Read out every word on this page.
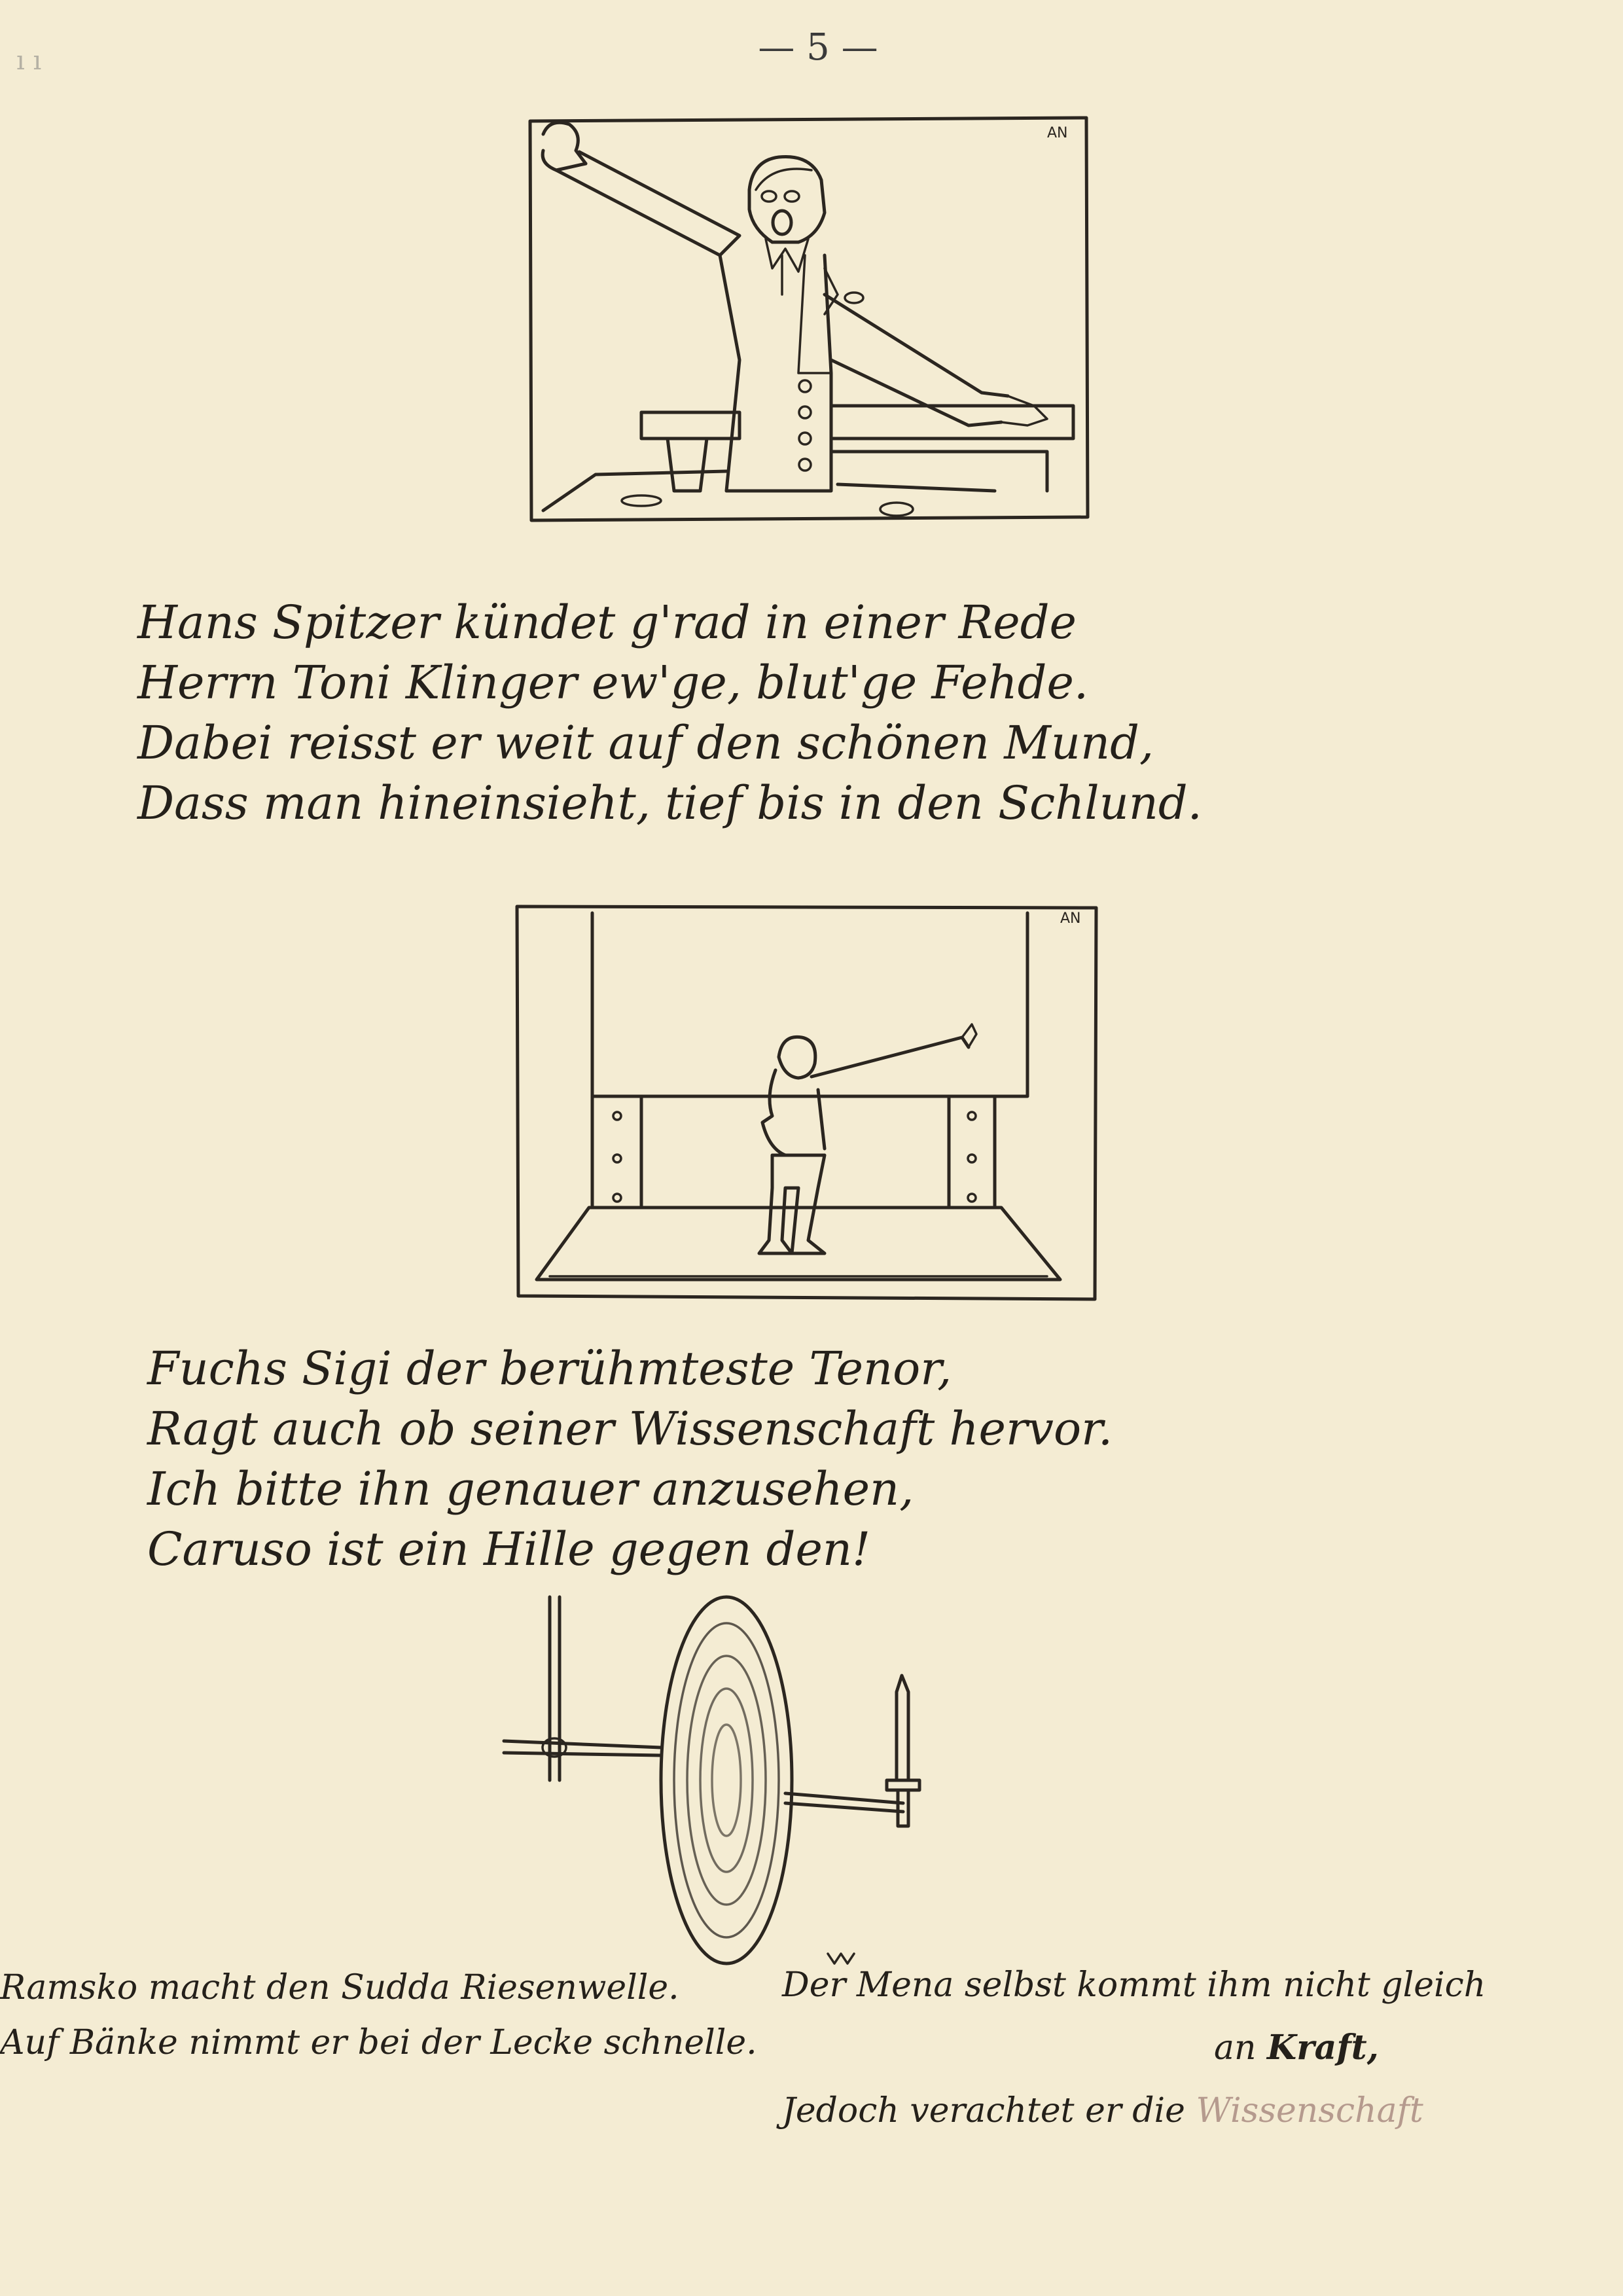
ı ı	— 5 —
AN
Hans Spitzer kündet g'rad in einer Rede
Herrn Toni Klinger ew'ge, blut'ge Fehde.
Dabei reisst er weit auf den schönen Mund,
Dass man hineinsieht, tief bis in den Schlund.
AN
Fuchs Sigi der berühmteste Tenor,
Ragt auch ob seiner Wissenschaft hervor.
Ich bitte ihn genauer anzusehen,
Caruso ist ein Hille gegen den!
Ramsko macht den Sudda Riesenwelle.
Auf Bänke nimmt er bei der Lecke schnelle.
Der Mena selbst kommt ihm nicht gleich
an Kraft,
Jedoch verachtet er die Wissenschaft
